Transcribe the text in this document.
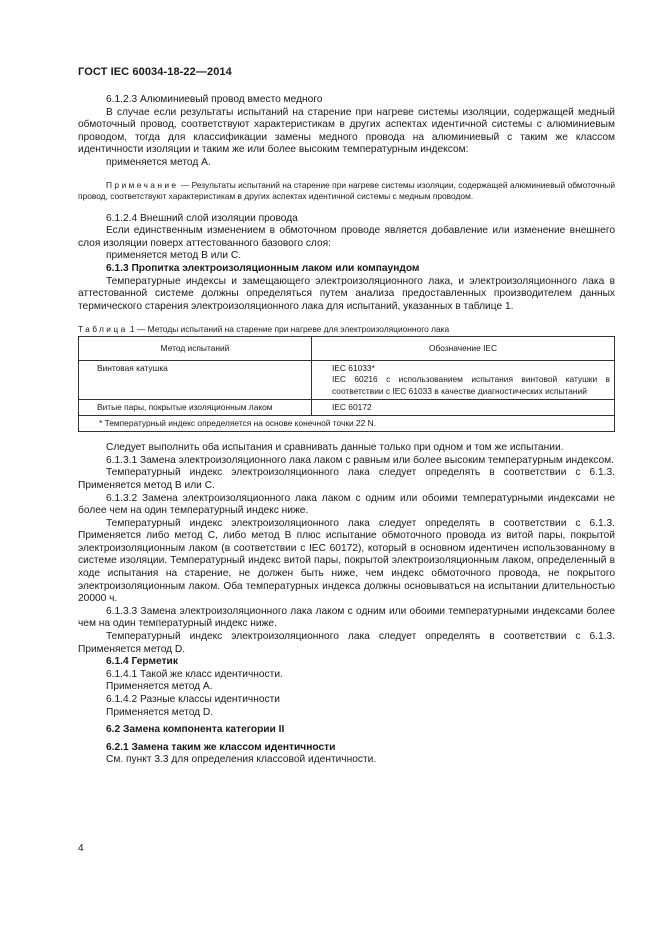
ГОСТ IEC 60034-18-22—2014

6.1.2.3 Алюминиевый провод вместо медного

В случае если результаты испытаний на старение при нагреве системы изоляции, содержащей медный обмоточный провод, соответствуют характеристикам в других аспектах идентичной системы с алюминиевым проводом, тогда для классификации замены медного провода на алюминиевый с таким же классом идентичности изоляции и таким же или более высоким температурным индексом:

применяется метод А.

Примечание — Результаты испытаний на старение при нагреве системы изоляции, содержащей алюминиевый обмоточный провод, соответствуют характеристикам в других аспектах идентичной системы с медным проводом.

6.1.2.4 Внешний слой изоляции провода

Если единственным изменением в обмоточном проводе является добавление или изменение внешнего слоя изоляции поверх аттестованного базового слоя:

применяется метод В или С.

6.1.3 Пропитка электроизоляционным лаком или компаундом

Температурные индексы и замещающего электроизоляционного лака, и электроизоляционного лака в аттестованной системе должны определяться путем анализа предоставленных производителем данных термического старения электроизоляционного лака для испытаний, указанных в таблице 1.

Таблица 1 — Методы испытаний на старение при нагреве для электроизоляционного лака

Метод испытаний	Обозначение IEC
Винтовая катушка	IEC 61033*
IEC 60216 с использованием испытания винтовой катушки в соответствии с IEC 61033 в качестве диагностических испытаний
Витые пары, покрытые изоляционным лаком	IEC 60172
* Температурный индекс определяется на основе конечной точки 22 N.	

Следует выполнить оба испытания и сравнивать данные только при одном и том же испытании.

6.1.3.1 Замена электроизоляционного лака лаком с равным или более высоким температурным индексом.

Температурный индекс электроизоляционного лака следует определять в соответствии с 6.1.3. Применяется метод В или С.

6.1.3.2 Замена электроизоляционного лака лаком с одним или обоими температурными индексами не более чем на один температурный индекс ниже.

Температурный индекс электроизоляционного лака следует определять в соответствии с 6.1.3. Применяется либо метод С, либо метод В плюс испытание обмоточного провода из витой пары, покрытой электроизоляционным лаком (в соответствии с IEC 60172), который в основном идентичен использованному в системе изоляции. Температурный индекс витой пары, покрытой электроизоляционным лаком, определенный в ходе испытания на старение, не должен быть ниже, чем индекс обмоточного провода, не покрытого электроизоляционным лаком. Оба температурных индекса должны основываться на испытании длительностью 20000 ч.

6.1.3.3 Замена электроизоляционного лака лаком с одним или обоими температурными индексами более чем на один температурный индекс ниже.

Температурный индекс электроизоляционного лака следует определять в соответствии с 6.1.3. Применяется метод D.

6.1.4 Герметик

6.1.4.1 Такой же класс идентичности.

Применяется метод А.

6.1.4.2 Разные классы идентичности

Применяется метод D.

6.2 Замена компонента категории II

6.2.1 Замена таким же классом идентичности

См. пункт 3.3 для определения классовой идентичности.

4
